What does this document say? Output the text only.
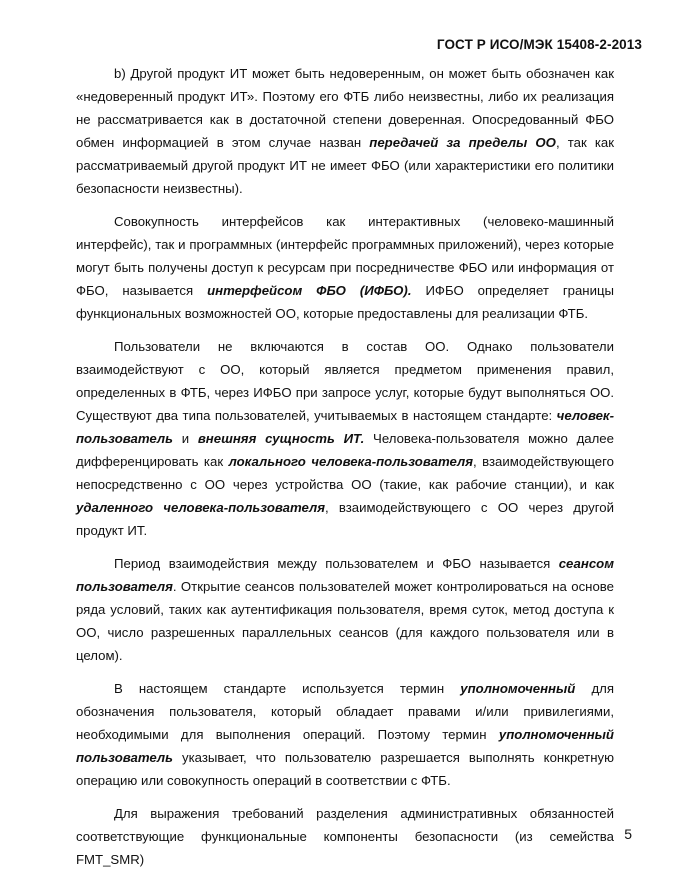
ГОСТ Р ИСО/МЭК 15408-2-2013

b) Другой продукт ИТ может быть недоверенным, он может быть обозначен как «недоверенный продукт ИТ». Поэтому его ФТБ либо неизвестны, либо их реализация не рассматривается как в достаточной степени доверенная. Опосредованный ФБО обмен информацией в этом случае назван передачей за пределы ОО, так как рассматриваемый другой продукт ИТ не имеет ФБО (или характеристики его политики безопасности неизвестны).

Совокупность интерфейсов как интерактивных (человеко-машинный интерфейс), так и программных (интерфейс программных приложений), через которые могут быть получены доступ к ресурсам при посредничестве ФБО или информация от ФБО, называется интерфейсом ФБО (ИФБО). ИФБО определяет границы функциональных возможностей ОО, которые предоставлены для реализации ФТБ.

Пользователи не включаются в состав ОО. Однако пользователи взаимодействуют с ОО, который является предметом применения правил, определенных в ФТБ, через ИФБО при запросе услуг, которые будут выполняться ОО. Cуществуют два типа пользователей, учитываемых в настоящем стандарте: человек-пользователь и внешняя сущность ИТ. Человека-пользователя можно далее дифференцировать как локального человека-пользователя, взаимодействующего непосредственно с ОО через устройства ОО (такие, как рабочие станции), и как удаленного человека-пользователя, взаимодействующего с ОО через другой продукт ИТ.

Период взаимодействия между пользователем и ФБО называется сеансом пользователя. Открытие сеансов пользователей может контролироваться на основе ряда условий, таких как аутентификация пользователя, время суток, метод доступа к ОО, число разрешенных параллельных сеансов (для каждого пользователя или в целом).

В настоящем стандарте используется термин уполномоченный для обозначения пользователя, который обладает правами и/или привилегиями, необходимыми для выполнения операций. Поэтому термин уполномоченный пользователь указывает, что пользователю разрешается выполнять конкретную операцию или совокупность операций в соответствии с ФТБ.

Для выражения требований разделения административных обязанностей соответствующие функциональные компоненты безопасности (из семейства FMT_SMR)

5
